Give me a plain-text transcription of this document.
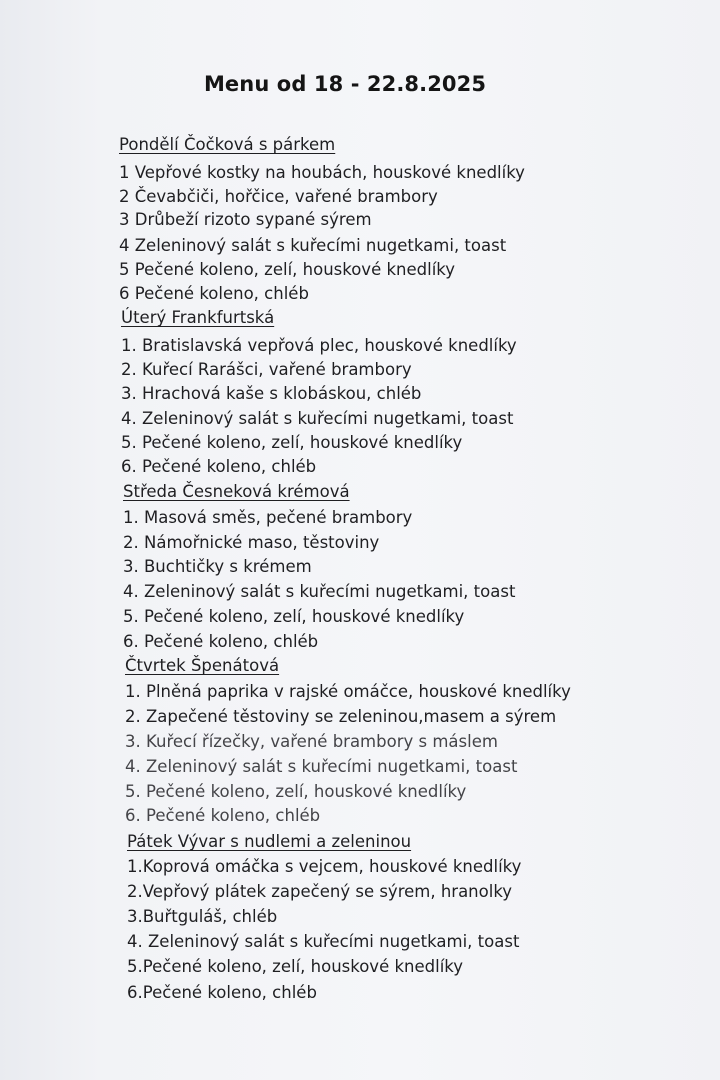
Menu od 18 - 22.8.2025
Pondělí Čočková s párkem
1 Vepřové kostky na houbách, houskové knedlíky
2 Čevabčiči, hořčice, vařené brambory
3 Drůbeží rizoto sypané sýrem
4 Zeleninový salát s kuřecími nugetkami, toast
5 Pečené koleno, zelí, houskové knedlíky
6 Pečené koleno, chléb
Úterý Frankfurtská
1. Bratislavská vepřová plec, houskové knedlíky
2. Kuřecí Rarášci, vařené brambory
3. Hrachová kaše s klobáskou, chléb
4. Zeleninový salát s kuřecími nugetkami, toast
5. Pečené koleno, zelí, houskové knedlíky
6. Pečené koleno, chléb
Středa Česneková krémová
1. Masová směs, pečené brambory
2. Námořnické maso, těstoviny
3. Buchtičky s krémem
4. Zeleninový salát s kuřecími nugetkami, toast
5. Pečené koleno, zelí, houskové knedlíky
6. Pečené koleno, chléb
Čtvrtek Špenátová
1. Plněná paprika v rajské omáčce, houskové knedlíky
2. Zapečené těstoviny se zeleninou,masem a sýrem
3. Kuřecí řízečky, vařené brambory s máslem
4. Zeleninový salát s kuřecími nugetkami, toast
5. Pečené koleno, zelí, houskové knedlíky
6. Pečené koleno, chléb
Pátek Vývar s nudlemi a zeleninou
1.Koprová omáčka s vejcem, houskové knedlíky
2.Vepřový plátek zapečený se sýrem, hranolky
3.Buřtguláš, chléb
4. Zeleninový salát s kuřecími nugetkami, toast
5.Pečené koleno, zelí, houskové knedlíky
6.Pečené koleno, chléb
